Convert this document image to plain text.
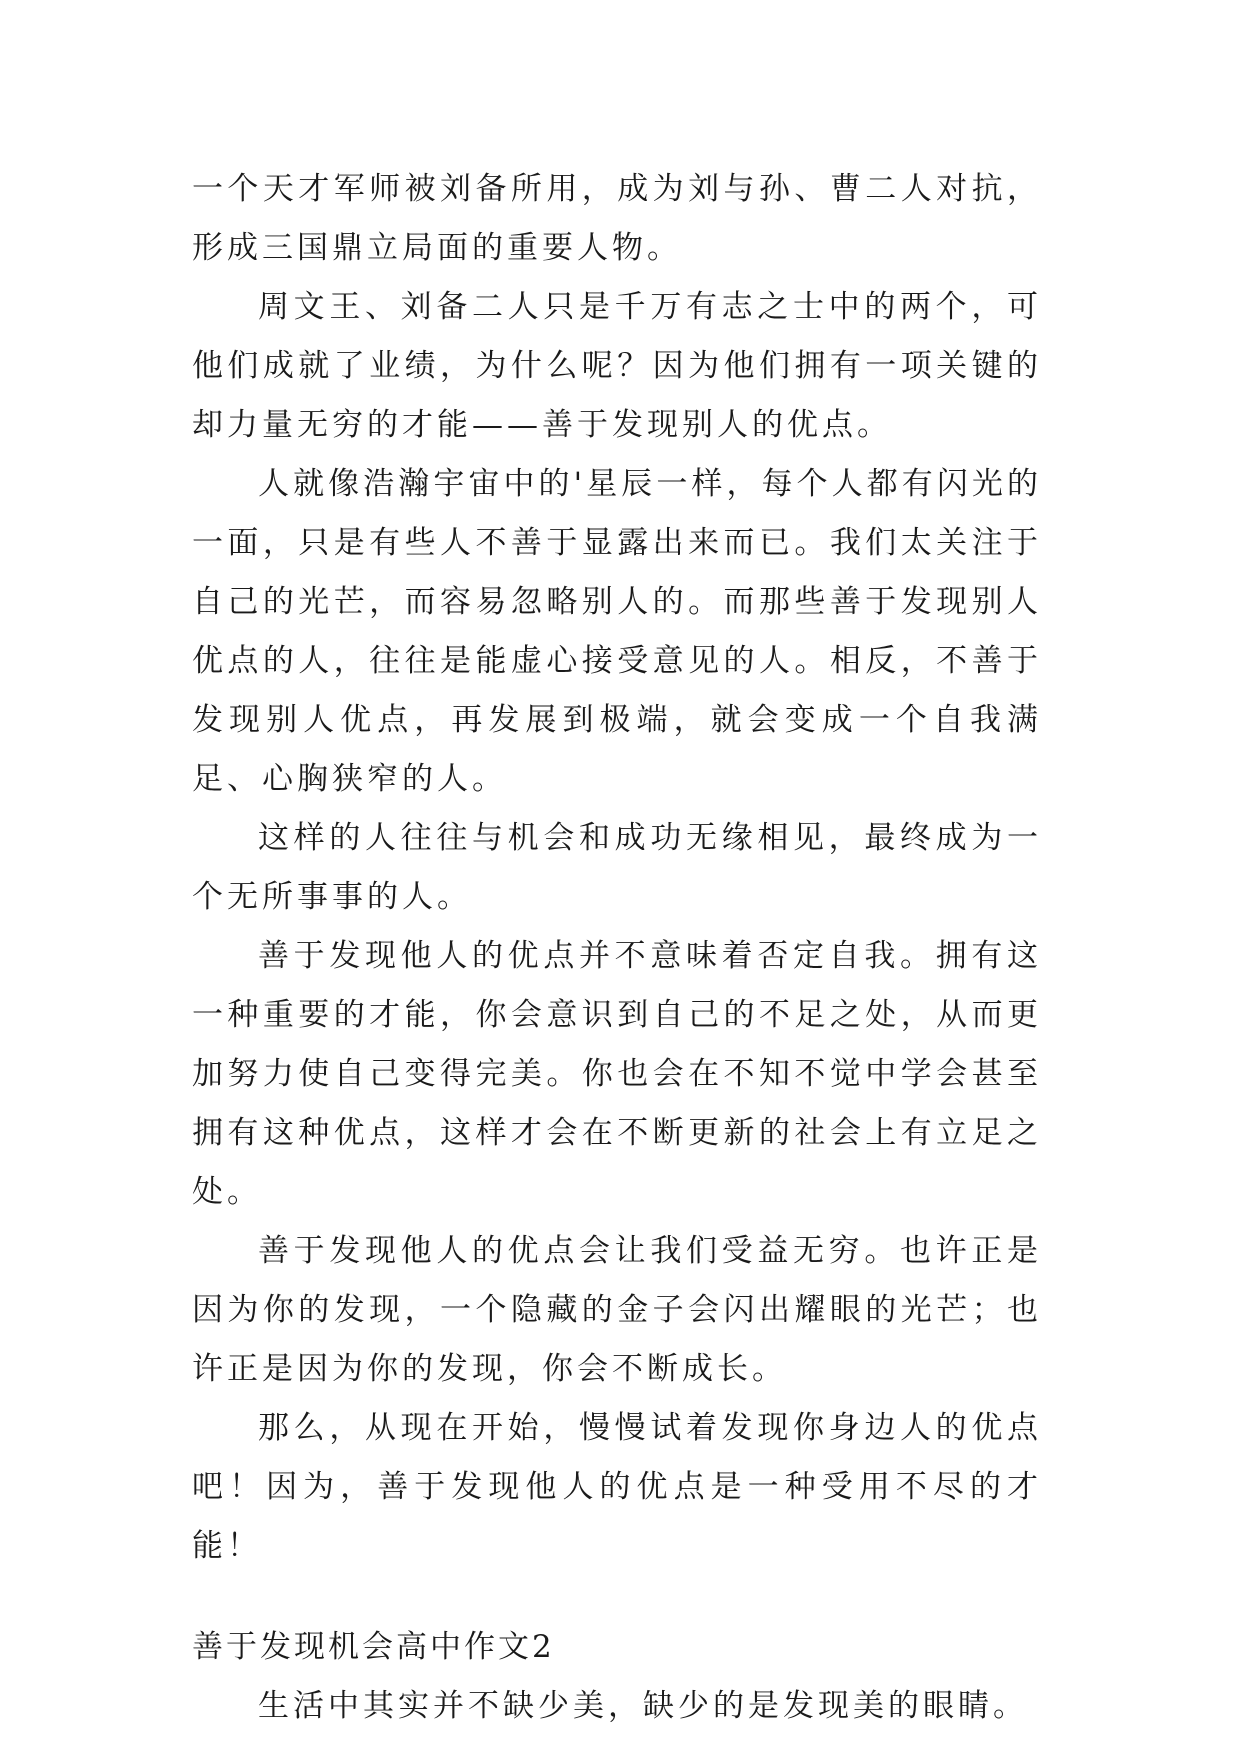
一个天才军师被刘备所用，成为刘与孙、曹二人对抗，形成三国鼎立局面的重要人物。

周文王、刘备二人只是千万有志之士中的两个，可他们成就了业绩，为什么呢？因为他们拥有一项关键的却力量无穷的才能——善于发现别人的优点。

人就像浩瀚宇宙中的'星辰一样，每个人都有闪光的一面，只是有些人不善于显露出来而已。我们太关注于自己的光芒，而容易忽略别人的。而那些善于发现别人优点的人，往往是能虚心接受意见的人。相反，不善于发现别人优点，再发展到极端，就会变成一个自我满足、心胸狭窄的人。

这样的人往往与机会和成功无缘相见，最终成为一个无所事事的人。

善于发现他人的优点并不意味着否定自我。拥有这一种重要的才能，你会意识到自己的不足之处，从而更加努力使自己变得完美。你也会在不知不觉中学会甚至拥有这种优点，这样才会在不断更新的社会上有立足之处。

善于发现他人的优点会让我们受益无穷。也许正是因为你的发现，一个隐藏的金子会闪出耀眼的光芒；也许正是因为你的发现，你会不断成长。

那么，从现在开始，慢慢试着发现你身边人的优点吧！因为，善于发现他人的优点是一种受用不尽的才能！

善于发现机会高中作文2

生活中其实并不缺少美，缺少的是发现美的眼睛。
